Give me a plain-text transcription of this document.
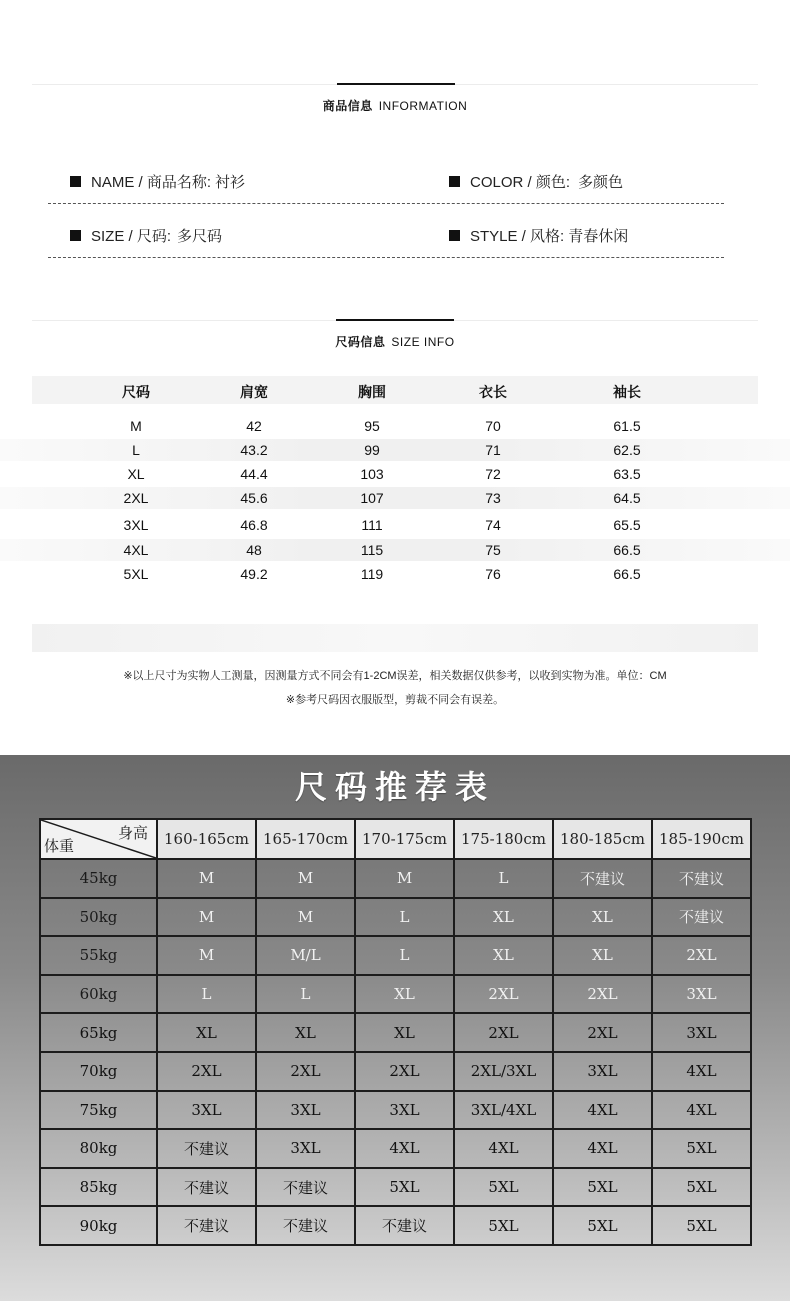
商品信息 INFORMATION
NAME / 商品名称: 衬衫	COLOR / 颜色: 多颜色
SIZE / 尺码: 多尺码	STYLE / 风格: 青春休闲
尺码信息 SIZE INFO
尺码	肩宽	胸围	衣长	袖长
M	42	95	70	61.5
L	43.2	99	71	62.5
XL	44.4	103	72	63.5
2XL	45.6	107	73	64.5
3XL	46.8	111	74	65.5
4XL	48	115	75	66.5
5XL	49.2	119	76	66.5
※以上尺寸为实物人工测量，因测量方式不同会有1-2CM误差，相关数据仅供参考，以收到实物为准。单位：CM
※参考尺码因衣服版型，剪裁不同会有误差。
尺码推荐表
身高
体重	160-165cm	165-170cm	170-175cm	175-180cm	180-185cm	185-190cm
45kg	M	M	M	L	不建议	不建议
50kg	M	M	L	XL	XL	不建议
55kg	M	M/L	L	XL	XL	2XL
60kg	L	L	XL	2XL	2XL	3XL
65kg	XL	XL	XL	2XL	2XL	3XL
70kg	2XL	2XL	2XL	2XL/3XL	3XL	4XL
75kg	3XL	3XL	3XL	3XL/4XL	4XL	4XL
80kg	不建议	3XL	4XL	4XL	4XL	5XL
85kg	不建议	不建议	5XL	5XL	5XL	5XL
90kg	不建议	不建议	不建议	5XL	5XL	5XL
